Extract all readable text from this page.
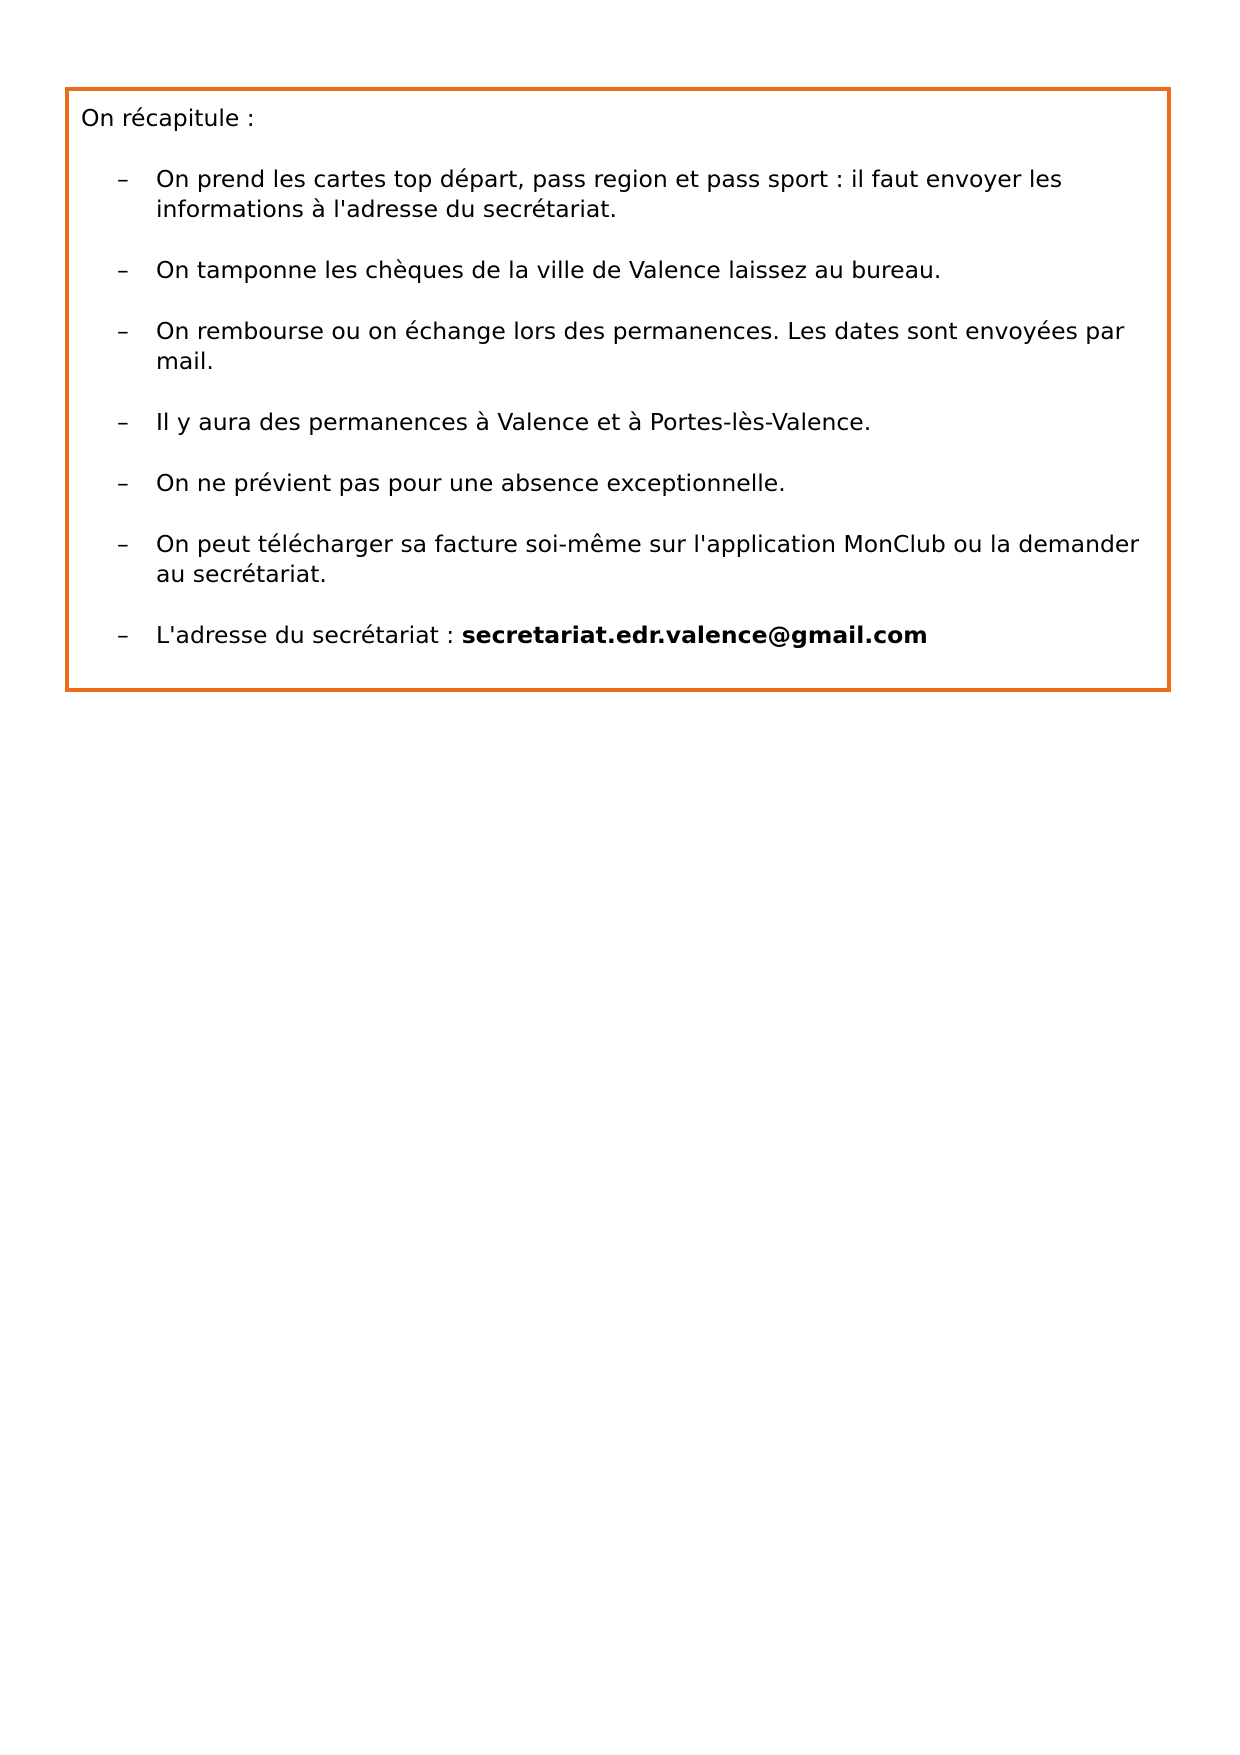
On récapitule :

– On prend les cartes top départ, pass region et pass sport : il faut envoyer les informations à l'adresse du secrétariat.
– On tamponne les chèques de la ville de Valence laissez au bureau.
– On rembourse ou on échange lors des permanences. Les dates sont envoyées par mail.
– Il y aura des permanences à Valence et à Portes-lès-Valence.
– On ne prévient pas pour une absence exceptionnelle.
– On peut télécharger sa facture soi-même sur l'application MonClub ou la demander au secrétariat.
– L'adresse du secrétariat : secretariat.edr.valence@gmail.com
